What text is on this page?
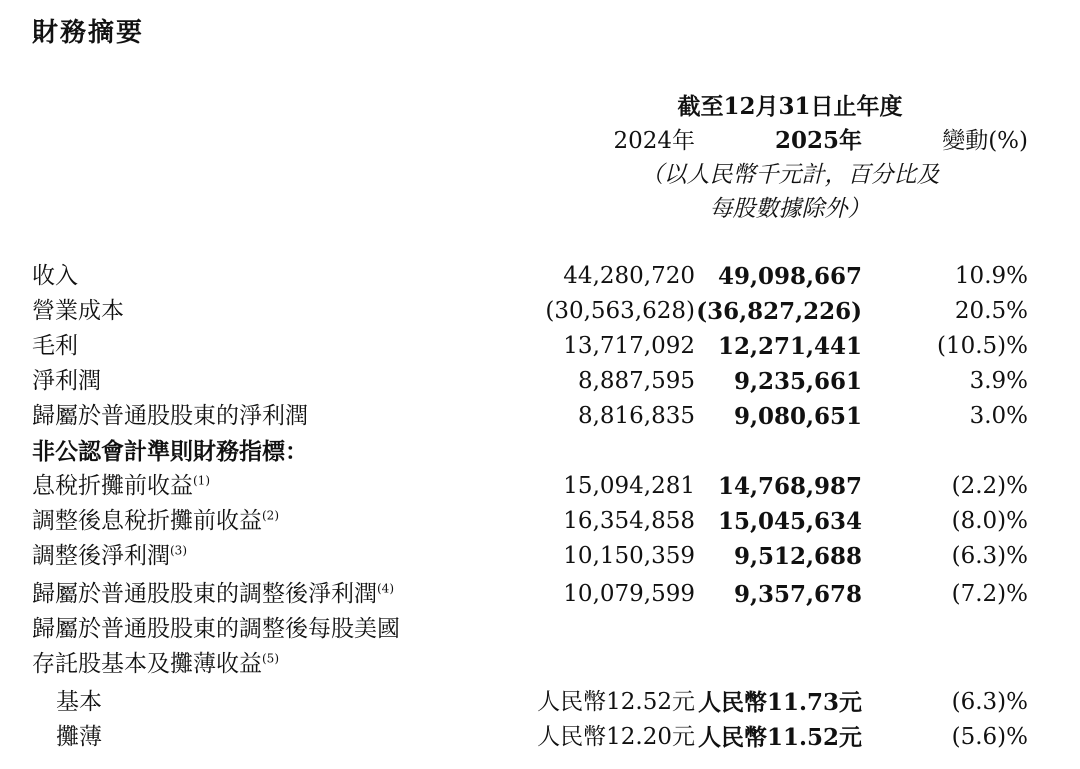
財務摘要
截至12月31日止年度
2024年	2025年	變動(%)
（以人民幣千元計，百分比及
每股數據除外）
收入	44,280,720 49,098,667	10.9%
營業成本	(30,563,628) (36,827,226)	20.5%
毛利	13,717,092 12,271,441	(10.5)%
淨利潤	8,887,595 9,235,661	3.9%
歸屬於普通股股東的淨利潤	8,816,835 9,080,651	3.0%
非公認會計準則財務指標：
息稅折攤前收益$^{(1)}$	15,094,281 14,768,987	(2.2)%
調整後息稅折攤前收益$^{(2)}$	16,354,858 15,045,634	(8.0)%
調整後淨利潤$^{(3)}$	10,150,359 9,512,688	(6.3)%
歸屬於普通股股東的調整後淨利潤$^{(4)}$	10,079,599 9,357,678	(7.2)%
歸屬於普通股股東的調整後每股美國
存託股基本及攤薄收益$^{(5)}$
基本	人民幣12.52元 人民幣11.73元	(6.3)%
攤薄	人民幣12.20元 人民幣11.52元	(5.6)%
